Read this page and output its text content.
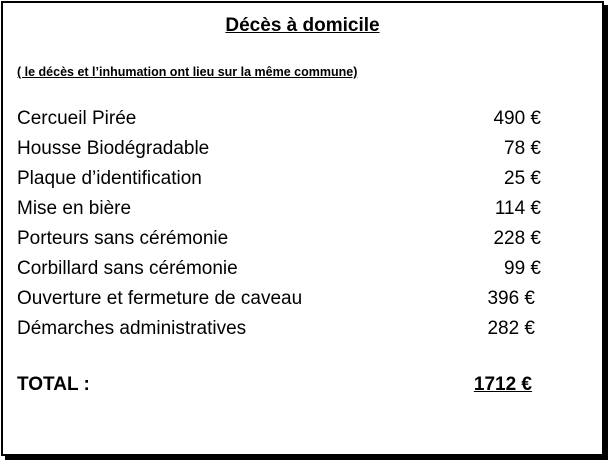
Décès à domicile
( le décès et l’inhumation ont lieu sur la même commune)
Cercueil Pirée	490 €
Housse Biodégradable	78 €
Plaque d’identification	25 €
Mise en bière	114 €
Porteurs sans cérémonie	228 €
Corbillard sans cérémonie	99 €
Ouverture et fermeture de caveau	396 €
Démarches administratives	282 €
TOTAL :	1712 €
